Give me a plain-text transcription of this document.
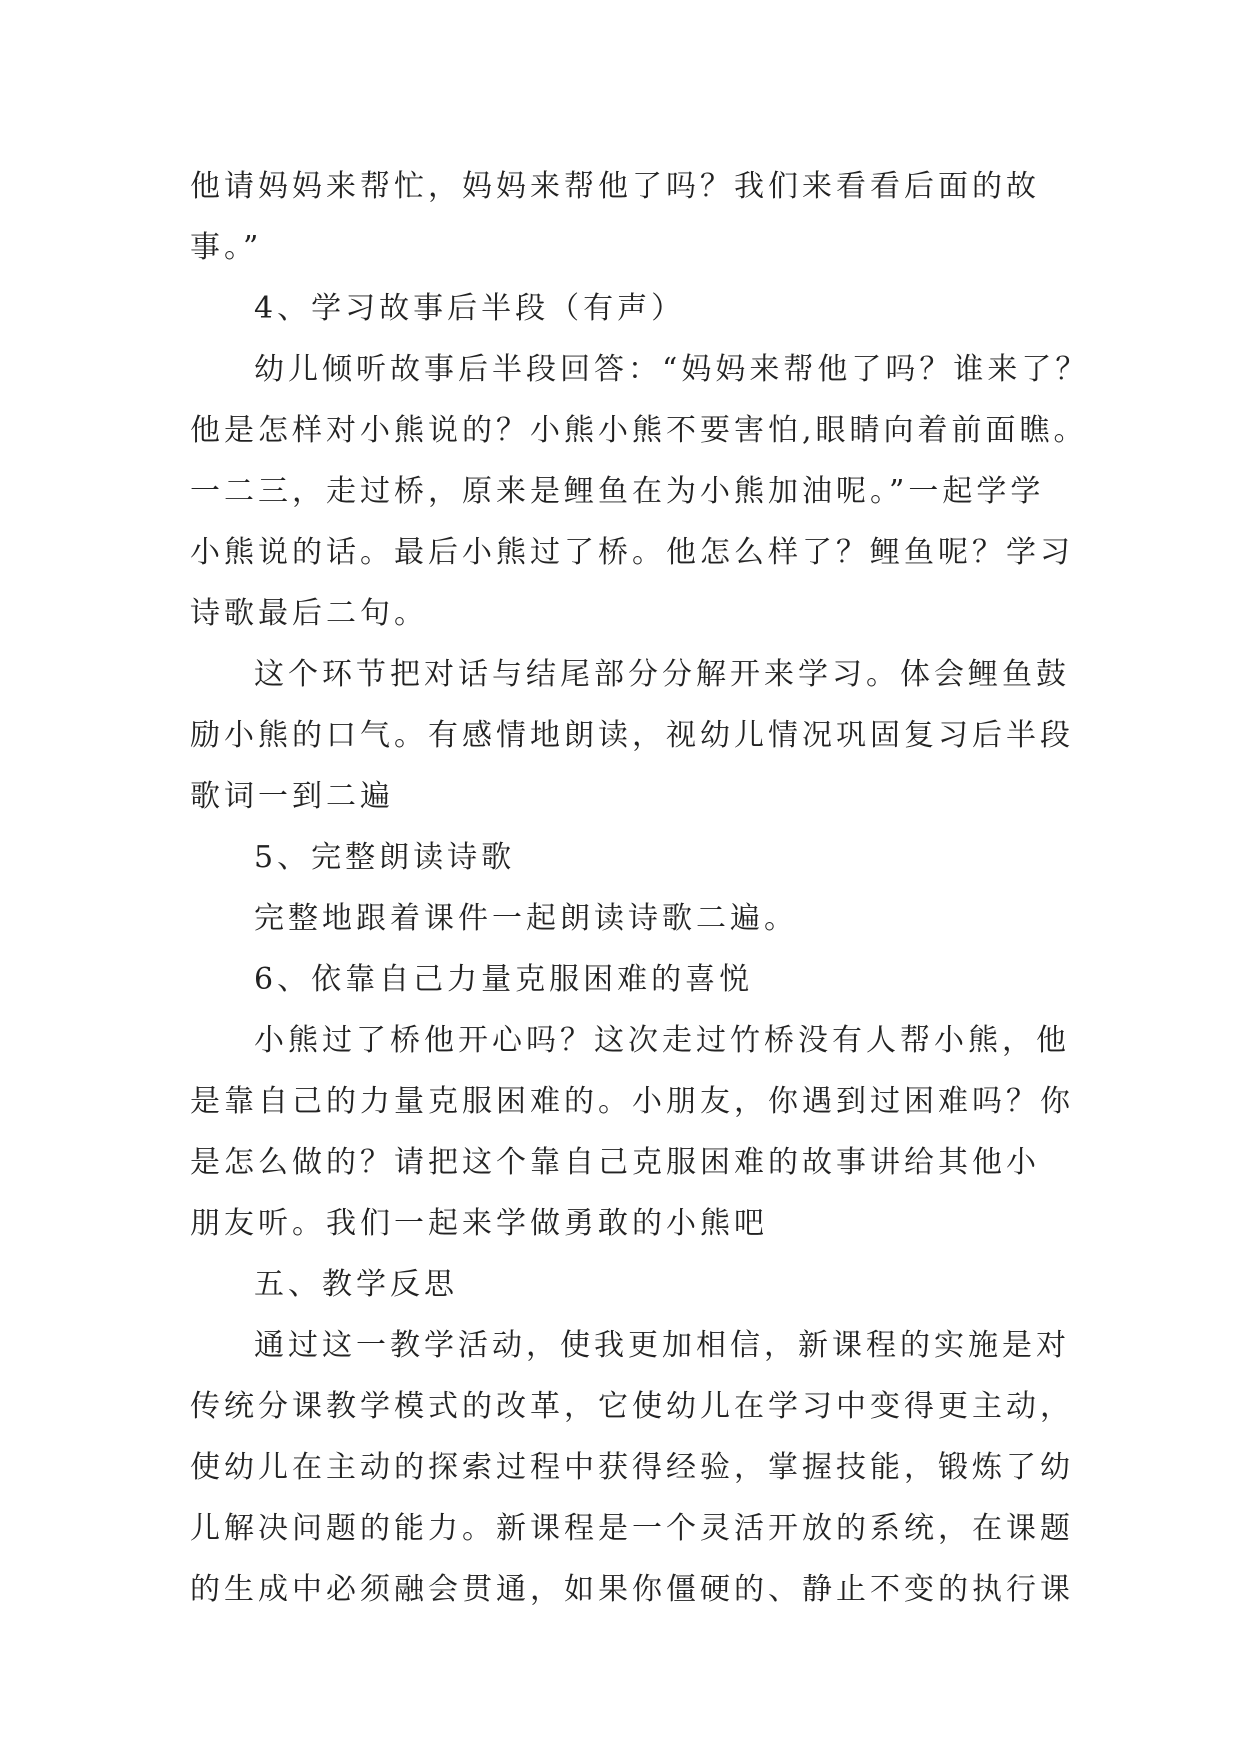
他请妈妈来帮忙，妈妈来帮他了吗？我们来看看后面的故
事。”
4、学习故事后半段（有声）
幼儿倾听故事后半段回答：“妈妈来帮他了吗？谁来了？
他是怎样对小熊说的？小熊小熊不要害怕,眼睛向着前面瞧。
一二三，走过桥，原来是鲤鱼在为小熊加油呢。”一起学学
小熊说的话。最后小熊过了桥。他怎么样了？鲤鱼呢？学习
诗歌最后二句。
这个环节把对话与结尾部分分解开来学习。体会鲤鱼鼓
励小熊的口气。有感情地朗读，视幼儿情况巩固复习后半段
歌词一到二遍
5、完整朗读诗歌
完整地跟着课件一起朗读诗歌二遍。
6、依靠自己力量克服困难的喜悦
小熊过了桥他开心吗？这次走过竹桥没有人帮小熊，他
是靠自己的力量克服困难的。小朋友，你遇到过困难吗？你
是怎么做的？请把这个靠自己克服困难的故事讲给其他小
朋友听。我们一起来学做勇敢的小熊吧
五、教学反思
通过这一教学活动，使我更加相信，新课程的实施是对
传统分课教学模式的改革，它使幼儿在学习中变得更主动，
使幼儿在主动的探索过程中获得经验，掌握技能，锻炼了幼
儿解决问题的能力。新课程是一个灵活开放的系统，在课题
的生成中必须融会贯通，如果你僵硬的、静止不变的执行课
